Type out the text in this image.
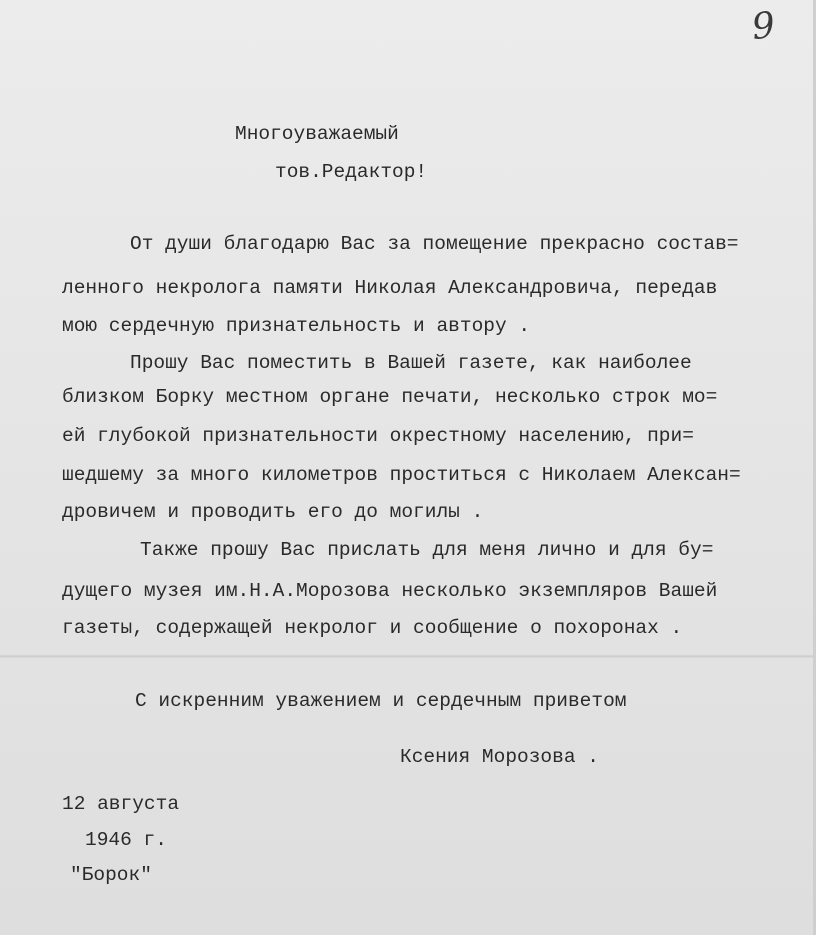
9

Многоуважаемый

тов.Редактор!

От души благодарю Вас за помещение прекрасно состав=

ленного некролога памяти Николая Александровича, передав

мою сердечную признательность и автору .

Прошу Вас поместить в Вашей газете, как наиболее

близком Борку местном органе печати, несколько строк мо=

ей глубокой признательности окрестному населению, при=

шедшему за много километров проститься с Николаем Алексан=

дровичем и проводить его до могилы .

Также прошу Вас прислать для меня лично и для бу=

дущего музея им.Н.А.Морозова несколько экземпляров Вашей

газеты, содержащей некролог и сообщение о похоронах .

С искренним уважением и сердечным приветом

Ксения Морозова .

12 августа

1946 г.

"Борок"
